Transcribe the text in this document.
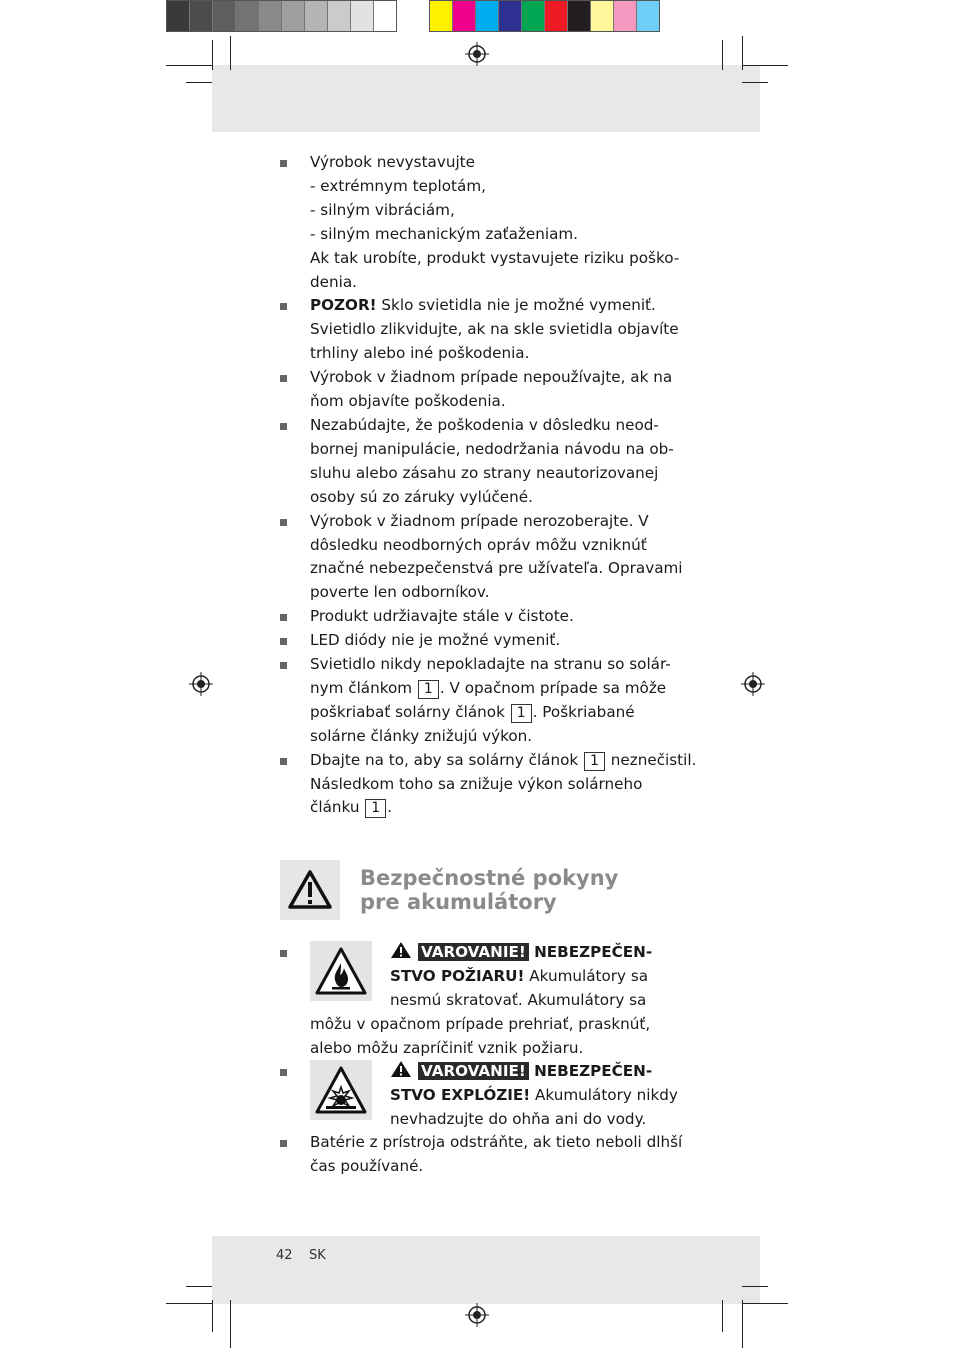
Výrobok nevystavujte
- extrémnym teplotám,
- silným vibráciám,
- silným mechanickým zaťaženiam.
Ak tak urobíte, produkt vystavujete riziku poško-
denia.
POZOR! Sklo svietidla nie je možné vymeniť.
Svietidlo zlikvidujte, ak na skle svietidla objavíte
trhliny alebo iné poškodenia.
Výrobok v žiadnom prípade nepoužívajte, ak na
ňom objavíte poškodenia.
Nezabúdajte, že poškodenia v dôsledku neod-
bornej manipulácie, nedodržania návodu na ob-
sluhu alebo zásahu zo strany neautorizovanej
osoby sú zo záruky vylúčené.
Výrobok v žiadnom prípade nerozoberajte. V
dôsledku neodborných opráv môžu vzniknúť
značné nebezpečenstvá pre užívateľa. Opravami
poverte len odborníkov.
Produkt udržiavajte stále v čistote.
LED diódy nie je možné vymeniť.
Svietidlo nikdy nepokladajte na stranu so solár-
nym článkom 1 . V opačnom prípade sa môže
poškriabať solárny článok 1 . Poškriabané
solárne články znižujú výkon.
Dbajte na to, aby sa solárny článok 1 neznečistil.
Následkom toho sa znižuje výkon solárneho
článku 1 .
Bezpečnostné pokyny
pre akumulátory
VAROVANIE! NEBEZPEČEN-
STVO POŽIARU! Akumulátory sa
nesmú skratovať. Akumulátory sa
môžu v opačnom prípade prehriať, prasknúť,
alebo môžu zapríčiniť vznik požiaru.
VAROVANIE! NEBEZPEČEN-
STVO EXPLÓZIE! Akumulátory nikdy
nevhadzujte do ohňa ani do vody.
Batérie z prístroja odstráňte, ak tieto neboli dlhší
čas používané.
42 SK
